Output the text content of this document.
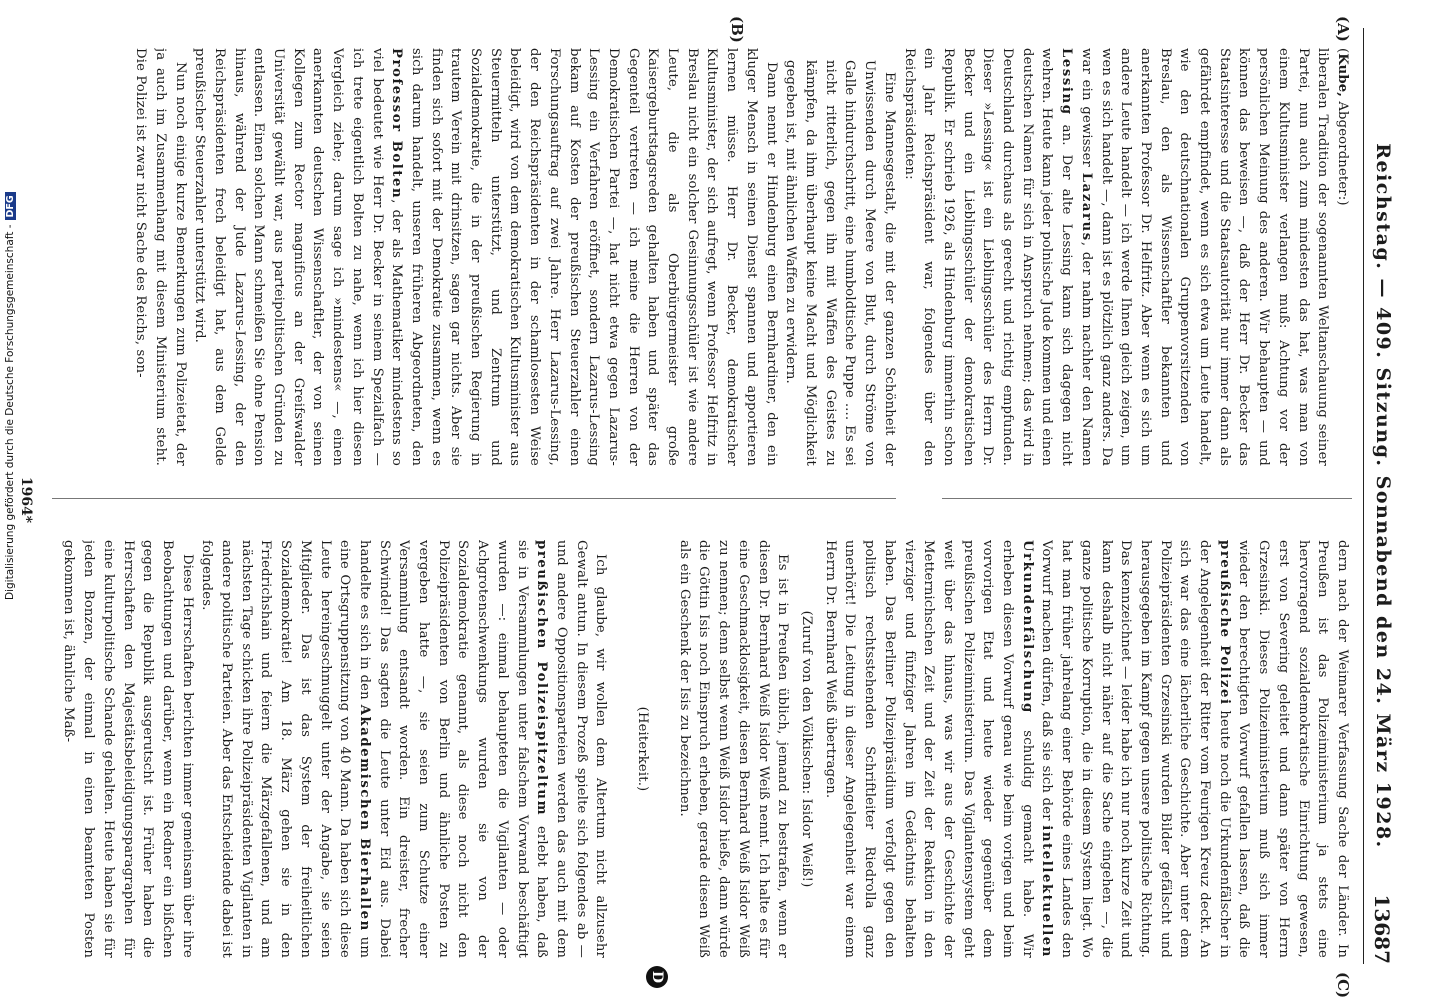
Reichstag. — 409. Sitzung. Sonnabend den 24. März 1928.
13687
(A)
(B)
(C)
D

(Kube, Abgeordneter:)

liberalen Tradition der sogenannten Weltanschauung seiner Partei, nun auch zum mindesten das hat, was man von einem Kultusminister verlangen muß: Achtung vor der persönlichen Meinung des anderen. Wir behaupten — und können das beweisen —, daß der Herr Dr. Becker das Staatsinteresse und die Staatsautorität nur immer dann als gefährdet empfindet, wenn es sich etwa um Leute handelt, wie den deutschnationalen Gruppenvorsitzenden von Breslau, den als Wissenschaftler bekannten und anerkannten Professor Dr. Helfritz. Aber wenn es sich um andere Leute handelt — ich werde Ihnen gleich zeigen, um wen es sich handelt —, dann ist es plötzlich ganz anders. Da war ein gewisser Lazarus, der nahm nachher den Namen Lessing an. Der alte Lessing kann sich dagegen nicht wehren. Heute kann jeder polnische Jude kommen und einen deutschen Namen für sich in Anspruch nehmen; das wird in Deutschland durchaus als gerecht und richtig empfunden. Dieser »Lessing« ist ein Lieblingsschüler des Herrn Dr. Becker und ein Lieblingsschüler der demokratischen Republik. Er schrieb 1926, als Hindenburg immerhin schon ein Jahr Reichspräsident war, folgendes über den Reichspräsidenten:

Eine Mannesgestalt, die mit der ganzen Schönheit der Unwissenden durch Meere von Blut, durch Ströme von Galle hindurchschritt, eine humboldtische Puppe .... Es sei nicht ritterlich, gegen ihn mit Waffen des Geistes zu kämpfen, da ihm überhaupt keine Macht und Möglichkeit gegeben ist, mit ähnlichen Waffen zu erwidern.

Dann nennt er Hindenburg einen Bernhardiner, den ein kluger Mensch in seinen Dienst spannen und apportieren lernen müsse. Herr Dr. Becker, demokratischer Kultusminister, der sich aufregt, wenn Professor Helfritz in Breslau nicht ein solcher Gesinnungsschüler ist wie andere Leute, die als Oberbürgermeister große Kaisergeburtstagsreden gehalten haben und später das Gegenteil vertreten — ich meine die Herren von der Demokratischen Partei —, hat nicht etwa gegen Lazarus-Lessing ein Verfahren eröffnet, sondern Lazarus-Lessing bekam auf Kosten der preußischen Steuerzahler einen Forschungsauftrag auf zwei Jahre. Herr Lazarus-Lessing, der den Reichspräsidenten in der schamlosesten Weise beleidigt, wird von dem demokratischen Kultusminister aus Steuermitteln unterstützt, und Zentrum und Sozialdemokratie, die in der preußischen Regierung in trautem Verein mit drinsitzen, sagen gar nichts. Aber sie finden sich sofort mit der Demokratie zusammen, wenn es sich darum handelt, unseren früheren Abgeordneten, den Professor Bolten, der als Mathematiker mindestens so viel bedeutet wie Herr Dr. Becker in seinem Spezialfach — ich trete eigentlich Bolten zu nahe, wenn ich hier diesen Vergleich ziehe; darum sage ich »mindestens« —, einen anerkannten deutschen Wissenschaftler, der von seinen Kollegen zum Rector magnificus an der Greifswalder Universität gewählt war, aus parteipolitischen Gründen zu entlassen. Einen solchen Mann schmeißen Sie ohne Pension hinaus, während der Jude Lazarus-Lessing, der den Reichspräsidenten frech beleidigt hat, aus dem Gelde preußischer Steuerzahler unterstützt wird.

Nun noch einige kurze Bemerkungen zum Polizeietat, der ja auch im Zusammenhang mit diesem Ministerium steht. Die Polizei ist zwar nicht Sache des Reichs, son-

dern nach der Weimarer Verfassung Sache der Länder. In Preußen ist das Polizeiministerium ja stets eine hervorragend sozialdemokratische Einrichtung gewesen, erst von Severing geleitet und dann später von Herrn Grzesinski. Dieses Polizeiministerium muß sich immer wieder den berechtigten Vorwurf gefallen lassen, daß die preußische Polizei heute noch die Urkundenfälscher in der Angelegenheit der Ritter vom Feurigen Kreuz deckt. An sich war das eine lächerliche Geschichte. Aber unter dem Polizeipräsidenten Grzesinski wurden Bilder gefälscht und herausgegeben im Kampf gegen unsere politische Richtung. Das kennzeichnet — leider habe ich nur noch kurze Zeit und kann deshalb nicht näher auf die Sache eingehen —, die ganze politische Korruption, die in diesem System liegt. Wo hat man früher jahrelang einer Behörde eines Landes den Vorwurf machen dürfen, daß sie sich der intellektuellen Urkundenfälschung schuldig gemacht habe. Wir erheben diesen Vorwurf genau wie beim vorigen und beim vorvorigen Etat und heute wieder gegenüber dem preußischen Polizeiministerium. Das Vigilantensystem geht weit über das hinaus, was wir aus der Geschichte der Metternichschen Zeit und der Zeit der Reaktion in den vierziger und fünfziger Jahren im Gedächtnis behalten haben. Das Berliner Polizeipräsidium verfolgt gegen den politisch rechtsstehenden Schriftleiter Riedrolla ganz unerhört! Die Leitung in dieser Angelegenheit war einem Herrn Dr. Bernhard Weiß übertragen.

(Zuruf von den Völkischen: Isidor Weiß!)

Es ist in Preußen üblich, jemand zu bestrafen, wenn er diesen Dr. Bernhard Weiß Isidor Weiß nennt. Ich halte es für eine Geschmacklosigkeit, diesen Bernhard Weiß Isidor Weiß zu nennen; denn selbst wenn Weiß Isidor hieße, dann würde die Göttin Isis noch Einspruch erheben, gerade diesen Weiß als ein Geschenk der Isis zu bezeichnen.

(Heiterkeit.)

Ich glaube, wir wollen dem Altertum nicht allzusehr Gewalt antun. In diesem Prozeß spielte sich folgendes ab — und andere Oppositionsparteien werden das auch mit dem preußischen Polizeispitzeltum erlebt haben, daß sie in Versammlungen unter falschem Vorwand beschäftigt wurden —: einmal behaupteten die Vigilanten — oder Achgrotenschwenkungs wurden sie von der Sozialdemokratie genannt, als diese noch nicht den Polizeipräsidenten von Berlin und ähnliche Posten zu vergeben hatte —, sie seien zum Schutze einer Versammlung entsandt worden. Ein dreister, frecher Schwindel! Das sagten die Leute unter Eid aus. Dabei handelte es sich in den Akademischen Bierhallen um eine Ortsgruppensitzung von 40 Mann. Da haben sich diese Leute hereingeschmuggelt unter der Angabe, sie seien Mitglieder. Das ist das System der freiheitlichen Sozialdemokratie! Am 18. März gehen sie in den Friedrichshain und feiern die Märzgefallenen, und am nächsten Tage schicken ihre Polizeipräsidenten Vigilanten in andere politische Parteien. Aber das Entscheidende dabei ist folgendes.

Diese Herrschaften berichten immer gemeinsam über ihre Beobachtungen und darüber, wenn ein Redner ein bißchen gegen die Republik ausgerutscht ist. Früher haben die Herrschaften den Majestätsbeleidigungsparagraphen für eine kulturpolitische Schande gehalten. Heute haben sie für jeden Bonzen, der einmal in einen beamteten Posten gekommen ist, ähnliche Maß-

1964*
Digitalisierung gefördert durch die Deutsche Forschungsgemeinschaft -DFG
